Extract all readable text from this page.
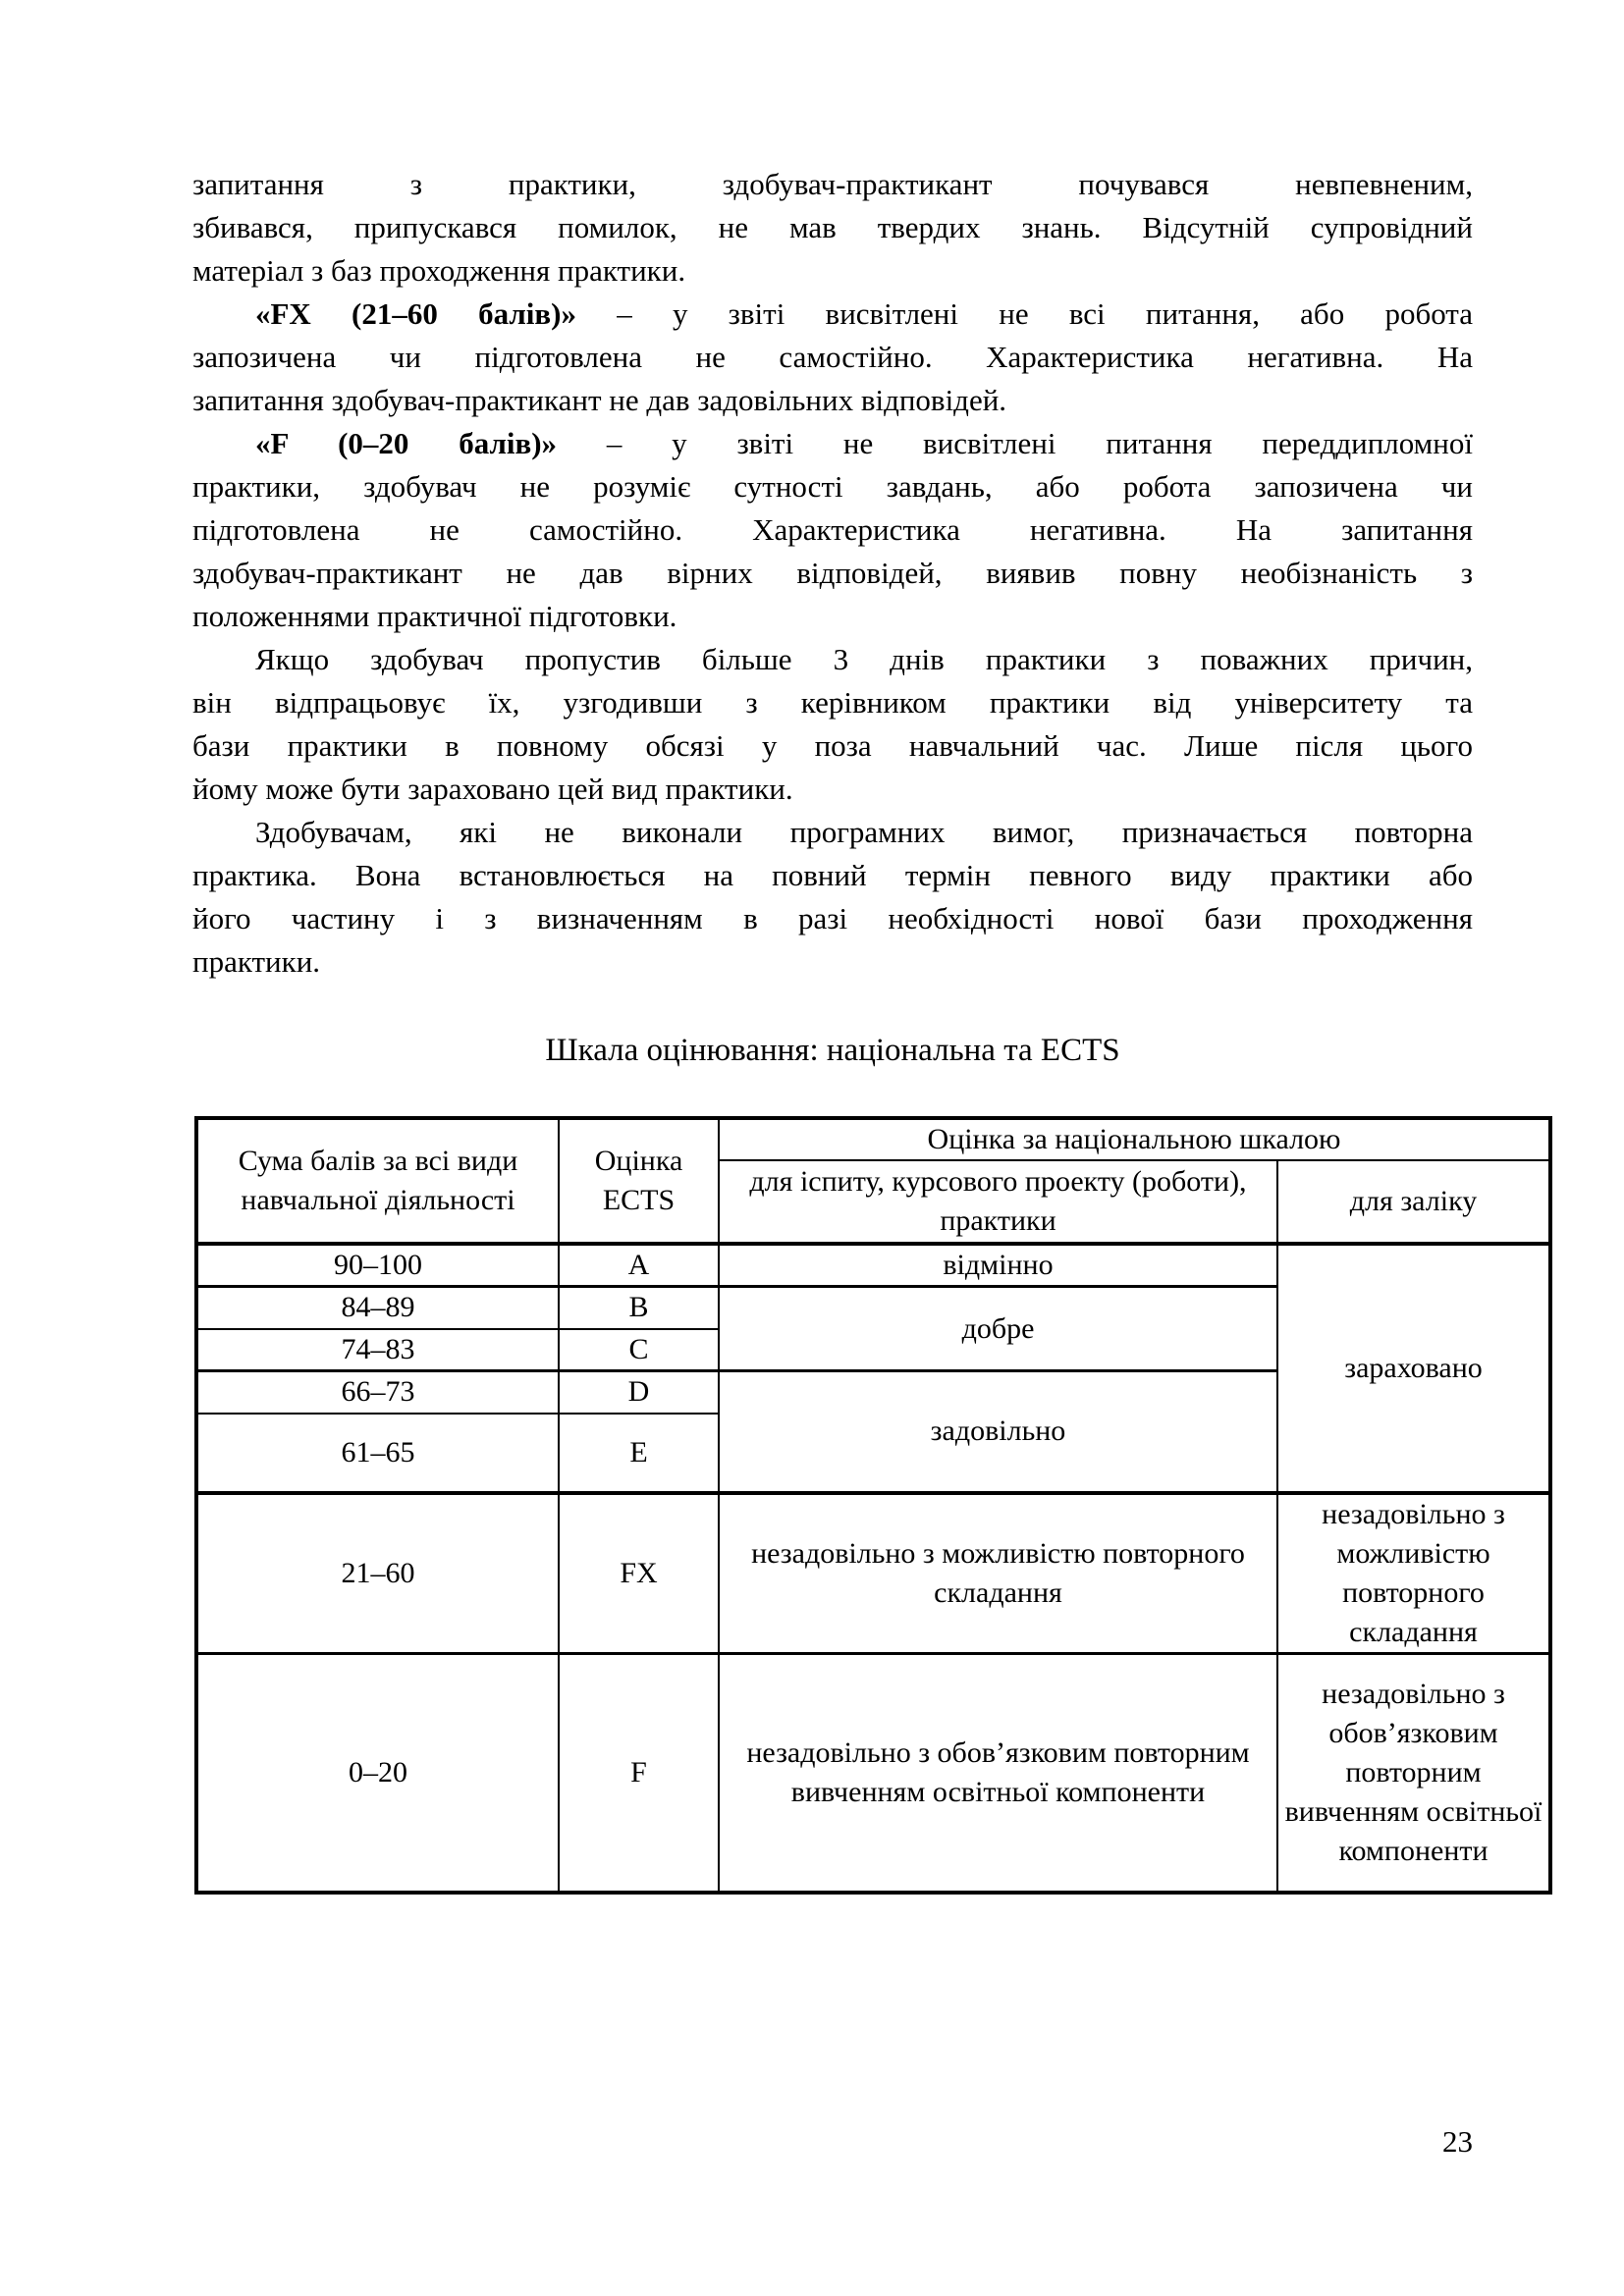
запитання з практики, здобувач-практикант почувався невпевненим,
збивався, припускався помилок, не мав твердих знань. Відсутній супровідний
матеріал з баз проходження практики.
«FX (21–60 балів)» – у звіті висвітлені не всі питання, або робота
запозичена чи підготовлена не самостійно. Характеристика негативна. На
запитання здобувач-практикант не дав задовільних відповідей.
«F (0–20 балів)» – у звіті не висвітлені питання переддипломної
практики, здобувач не розуміє сутності завдань, або робота запозичена чи
підготовлена не самостійно. Характеристика негативна. На запитання
здобувач-практикант не дав вірних відповідей, виявив повну необізнаність з
положеннями практичної підготовки.
Якщо здобувач пропустив більше 3 днів практики з поважних причин,
він відпрацьовує їх, узгодивши з керівником практики від університету та
бази практики в повному обсязі у поза навчальний час. Лише після цього
йому може бути зараховано цей вид практики.
Здобувачам, які не виконали програмних вимог, призначається повторна
практика. Вона встановлюється на повний термін певного виду практики або
його частину і з визначенням в разі необхідності нової бази проходження
практики.
Шкала оцінювання: національна та ECTS
Сума балів за всі види навчальної діяльності	Оцінка ECTS	Оцінка за національною шкалою	
		для іспиту, курсового проекту (роботи), практики	для заліку
90–100	A	відмінно	зараховано
84–89	B	добре	
74–83	C		
66–73	D	задовільно	
61–65	E		
21–60	FX	незадовільно з можливістю повторного складання	незадовільно з можливістю повторного складання
0–20	F	незадовільно з обов’язковим повторним вивченням освітньої компоненти	незадовільно з обов’язковим повторним вивченням освітньої компоненти
23
